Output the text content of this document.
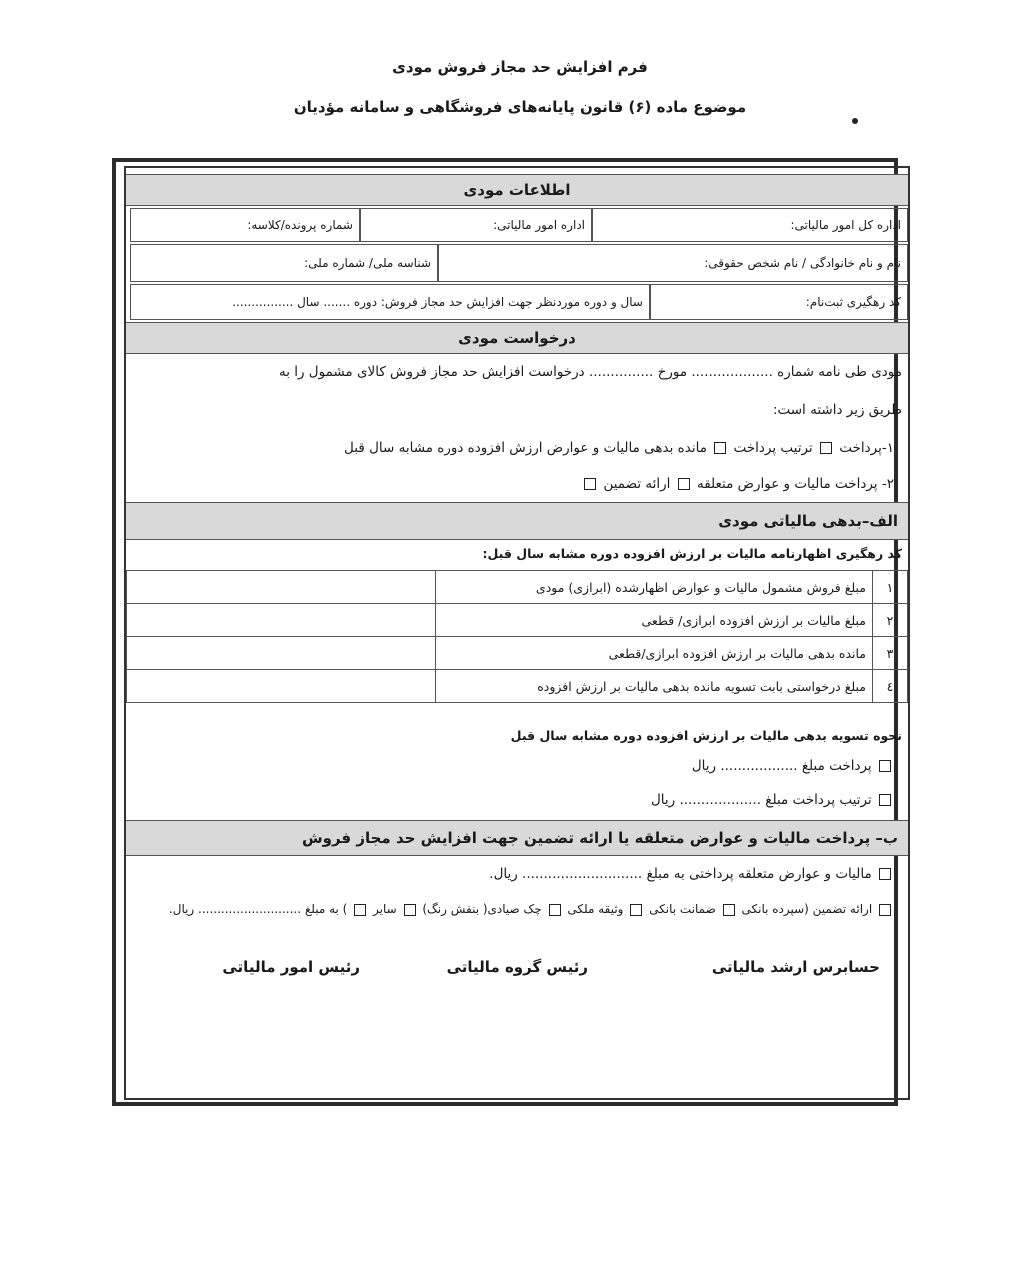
فرم افزایش حد مجاز فروش مودی
موضوع ماده (۶) قانون پایانه‌های فروشگاهی و سامانه مؤدیان
اطلاعات مودی
اداره کل امور مالیاتی:
اداره امور مالیاتی:
شماره پرونده/کلاسه:
نام و نام خانوادگی / نام شخص حقوقی:
شناسه ملی/ شماره ملی:
کد رهگیری ثبت‌نام:
سال و دوره موردنظر جهت افزایش حد مجاز فروش: دوره ....... سال ................
درخواست مودی
مودی طی نامه شماره ................... مورخ ............... درخواست افزایش حد مجاز فروش کالای مشمول را به
طریق زیر داشته است:
۱-پرداخت  ترتیب پرداخت  مانده بدهی مالیات و عوارض ارزش افزوده دوره مشابه سال قبل
۲- پرداخت مالیات و عوارض متعلقه  ارائه تضمین
الف–بدهی مالیاتی مودی
کد رهگیری اظهارنامه مالیات بر ارزش افزوده دوره مشابه سال قبل:
۱	مبلغ فروش مشمول مالیات و عوارض اظهارشده (ابرازی) مودی	
۲	مبلغ مالیات بر ارزش افزوده ابرازی/ قطعی	
۳	مانده بدهی مالیات بر ارزش افزوده ابرازی/قطعی	
٤	مبلغ درخواستی بابت تسویه مانده بدهی مالیات بر ارزش افزوده	
نحوه تسویه بدهی مالیات بر ارزش افزوده دوره مشابه سال قبل
پرداخت مبلغ .................. ریال
ترتیب پرداخت مبلغ ................... ریال
ب– پرداخت مالیات و عوارض متعلقه یا ارائه تضمین جهت افزایش حد مجاز فروش
مالیات و عوارض متعلقه پرداختی به مبلغ ............................ ریال.
ارائه تضمین (سپرده بانکی  ضمانت بانکی  وثیقه ملکی  چک صیادی( بنفش رنگ)  سایر  ) به مبلغ ........................... ریال.
حسابرس ارشد مالیاتی
رئیس گروه مالیاتی
رئیس امور مالیاتی
